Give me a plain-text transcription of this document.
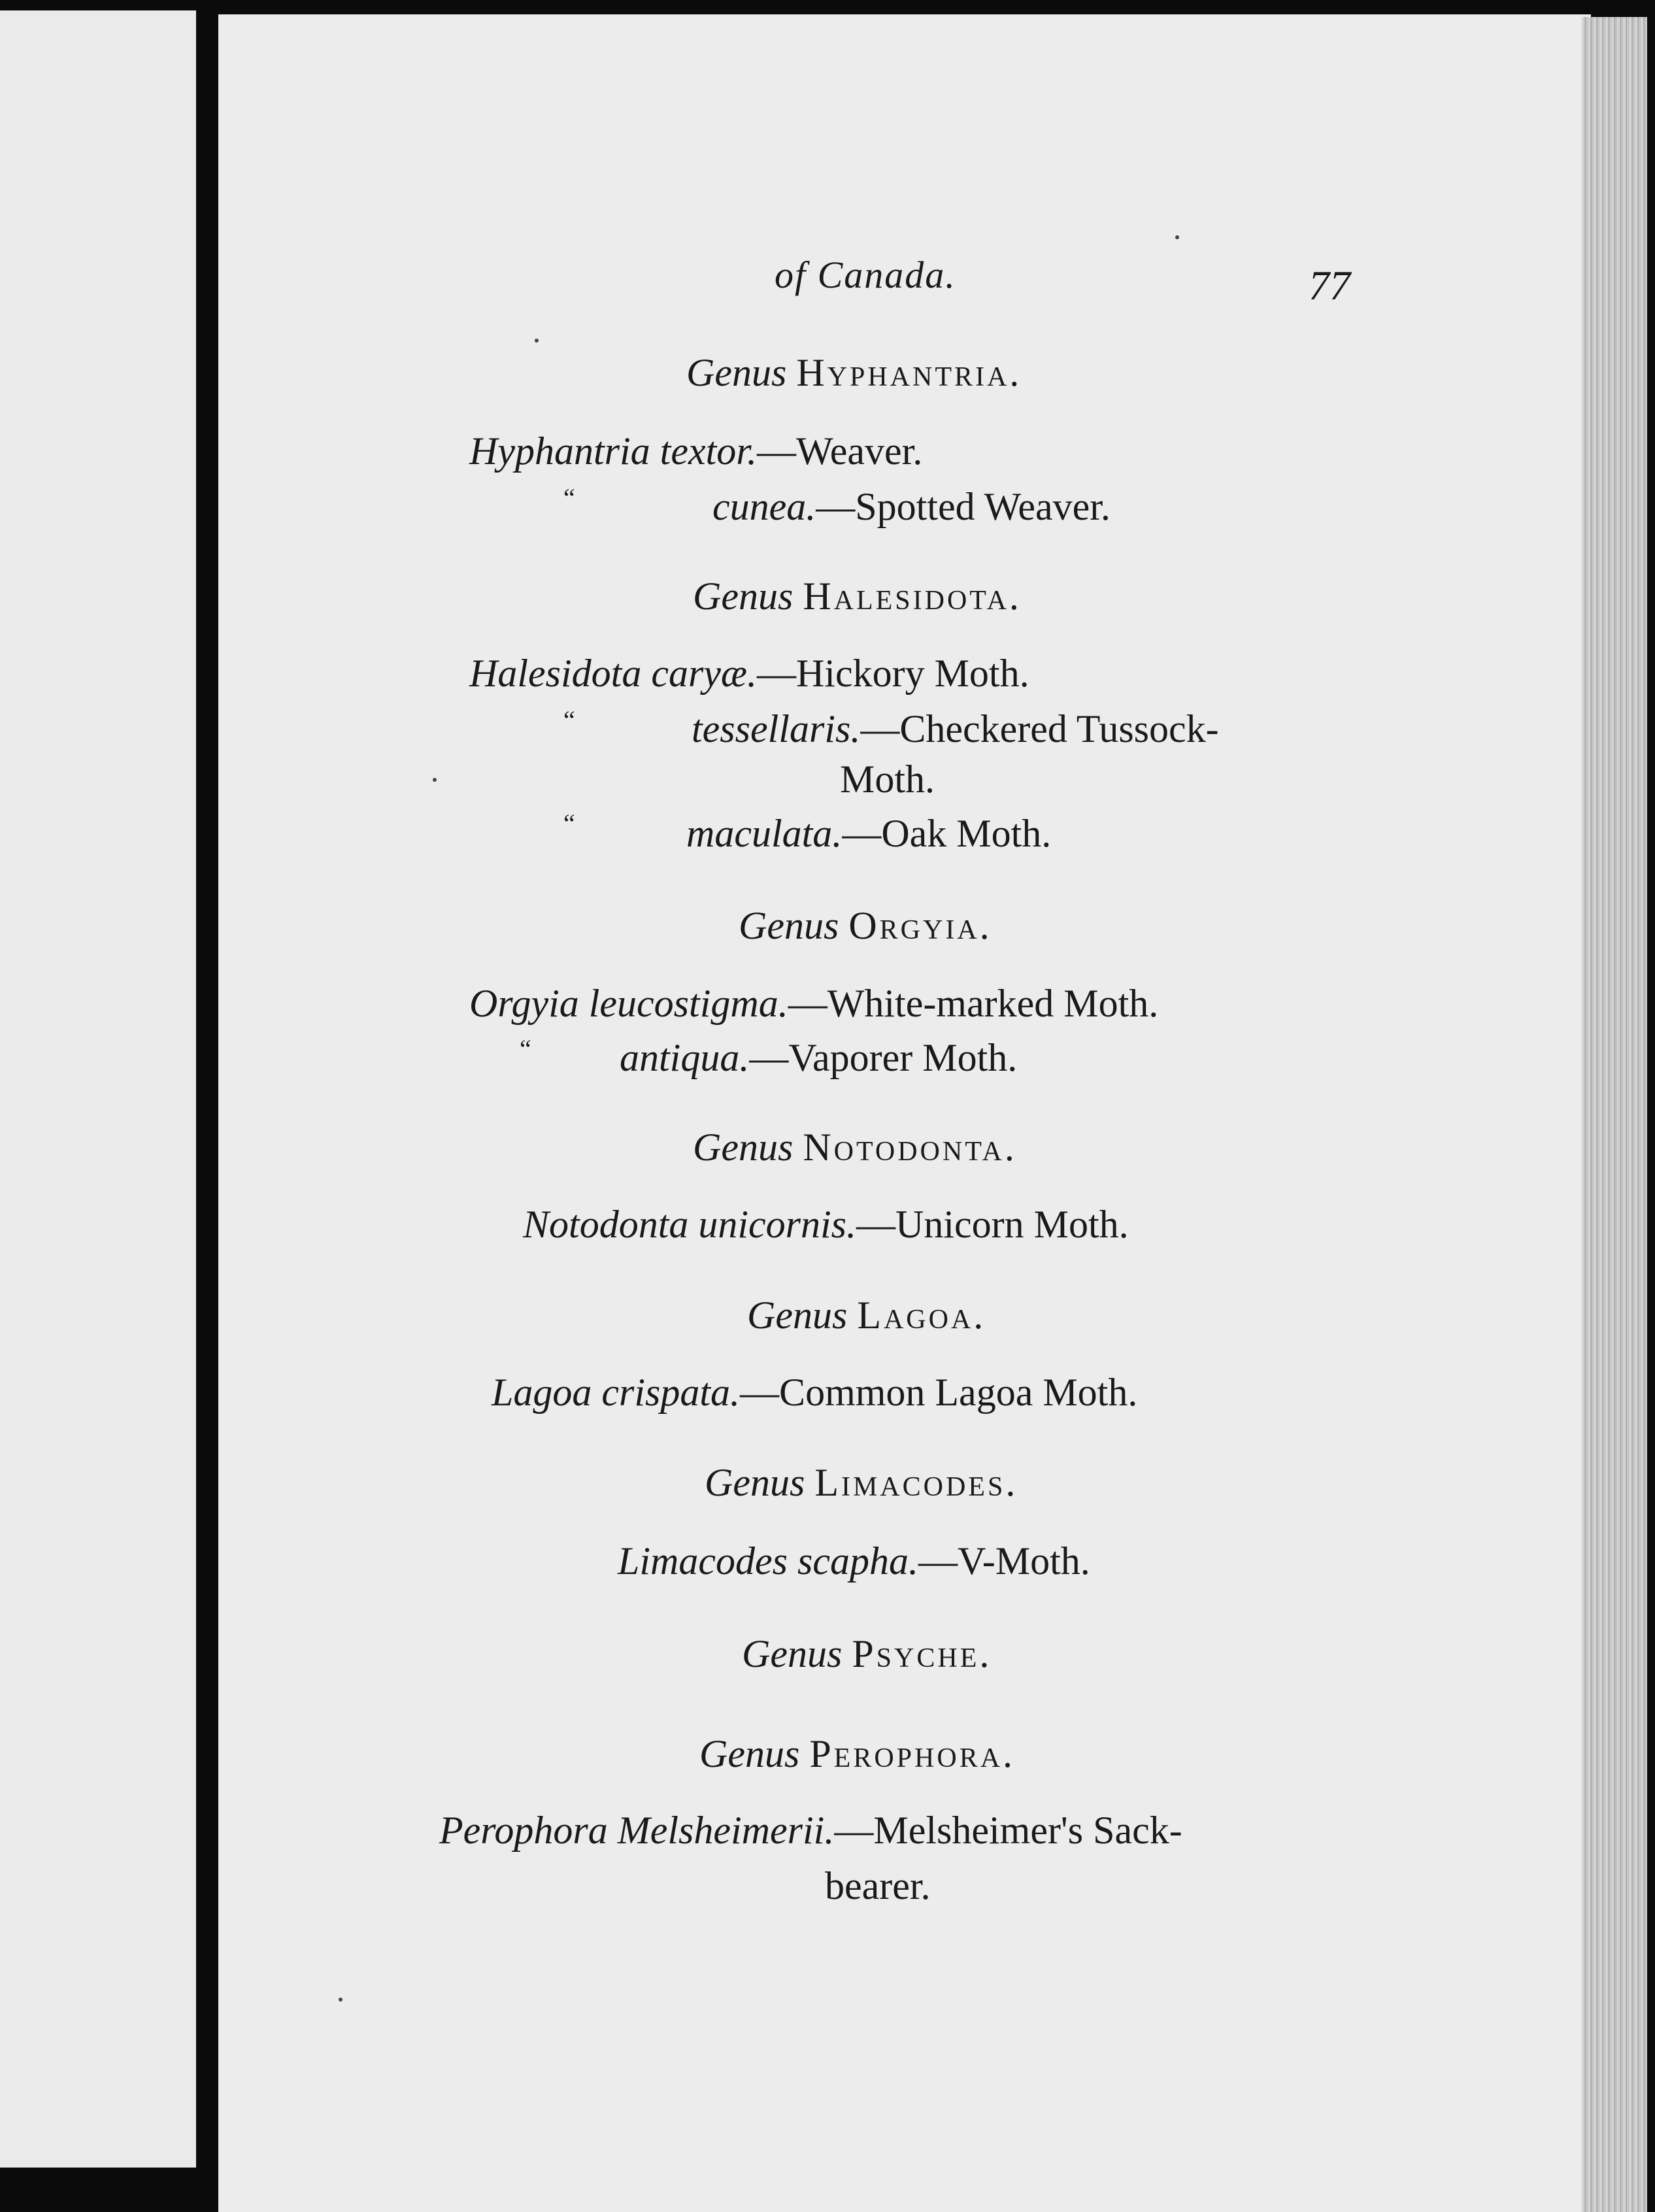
of Canada.	77
Genus Hyphantria.
Hyphantria textor.—Weaver.
“	cunea.—Spotted Weaver.
Genus Halesidota.
Halesidota caryæ.—Hickory Moth.
“	tessellaris.—Checkered Tussock-
Moth.
“	maculata.—Oak Moth.
Genus Orgyia.
Orgyia leucostigma.—White-marked Moth.
“ antiqua.—Vaporer Moth.
Genus Notodonta.
Notodonta unicornis.—Unicorn Moth.
Genus Lagoa.
Lagoa crispata.—Common Lagoa Moth.
Genus Limacodes.
Limacodes scapha.—V-Moth.
Genus Psyche.
Genus Perophora.
Perophora Melsheimerii.—Melsheimer's Sack-
bearer.
